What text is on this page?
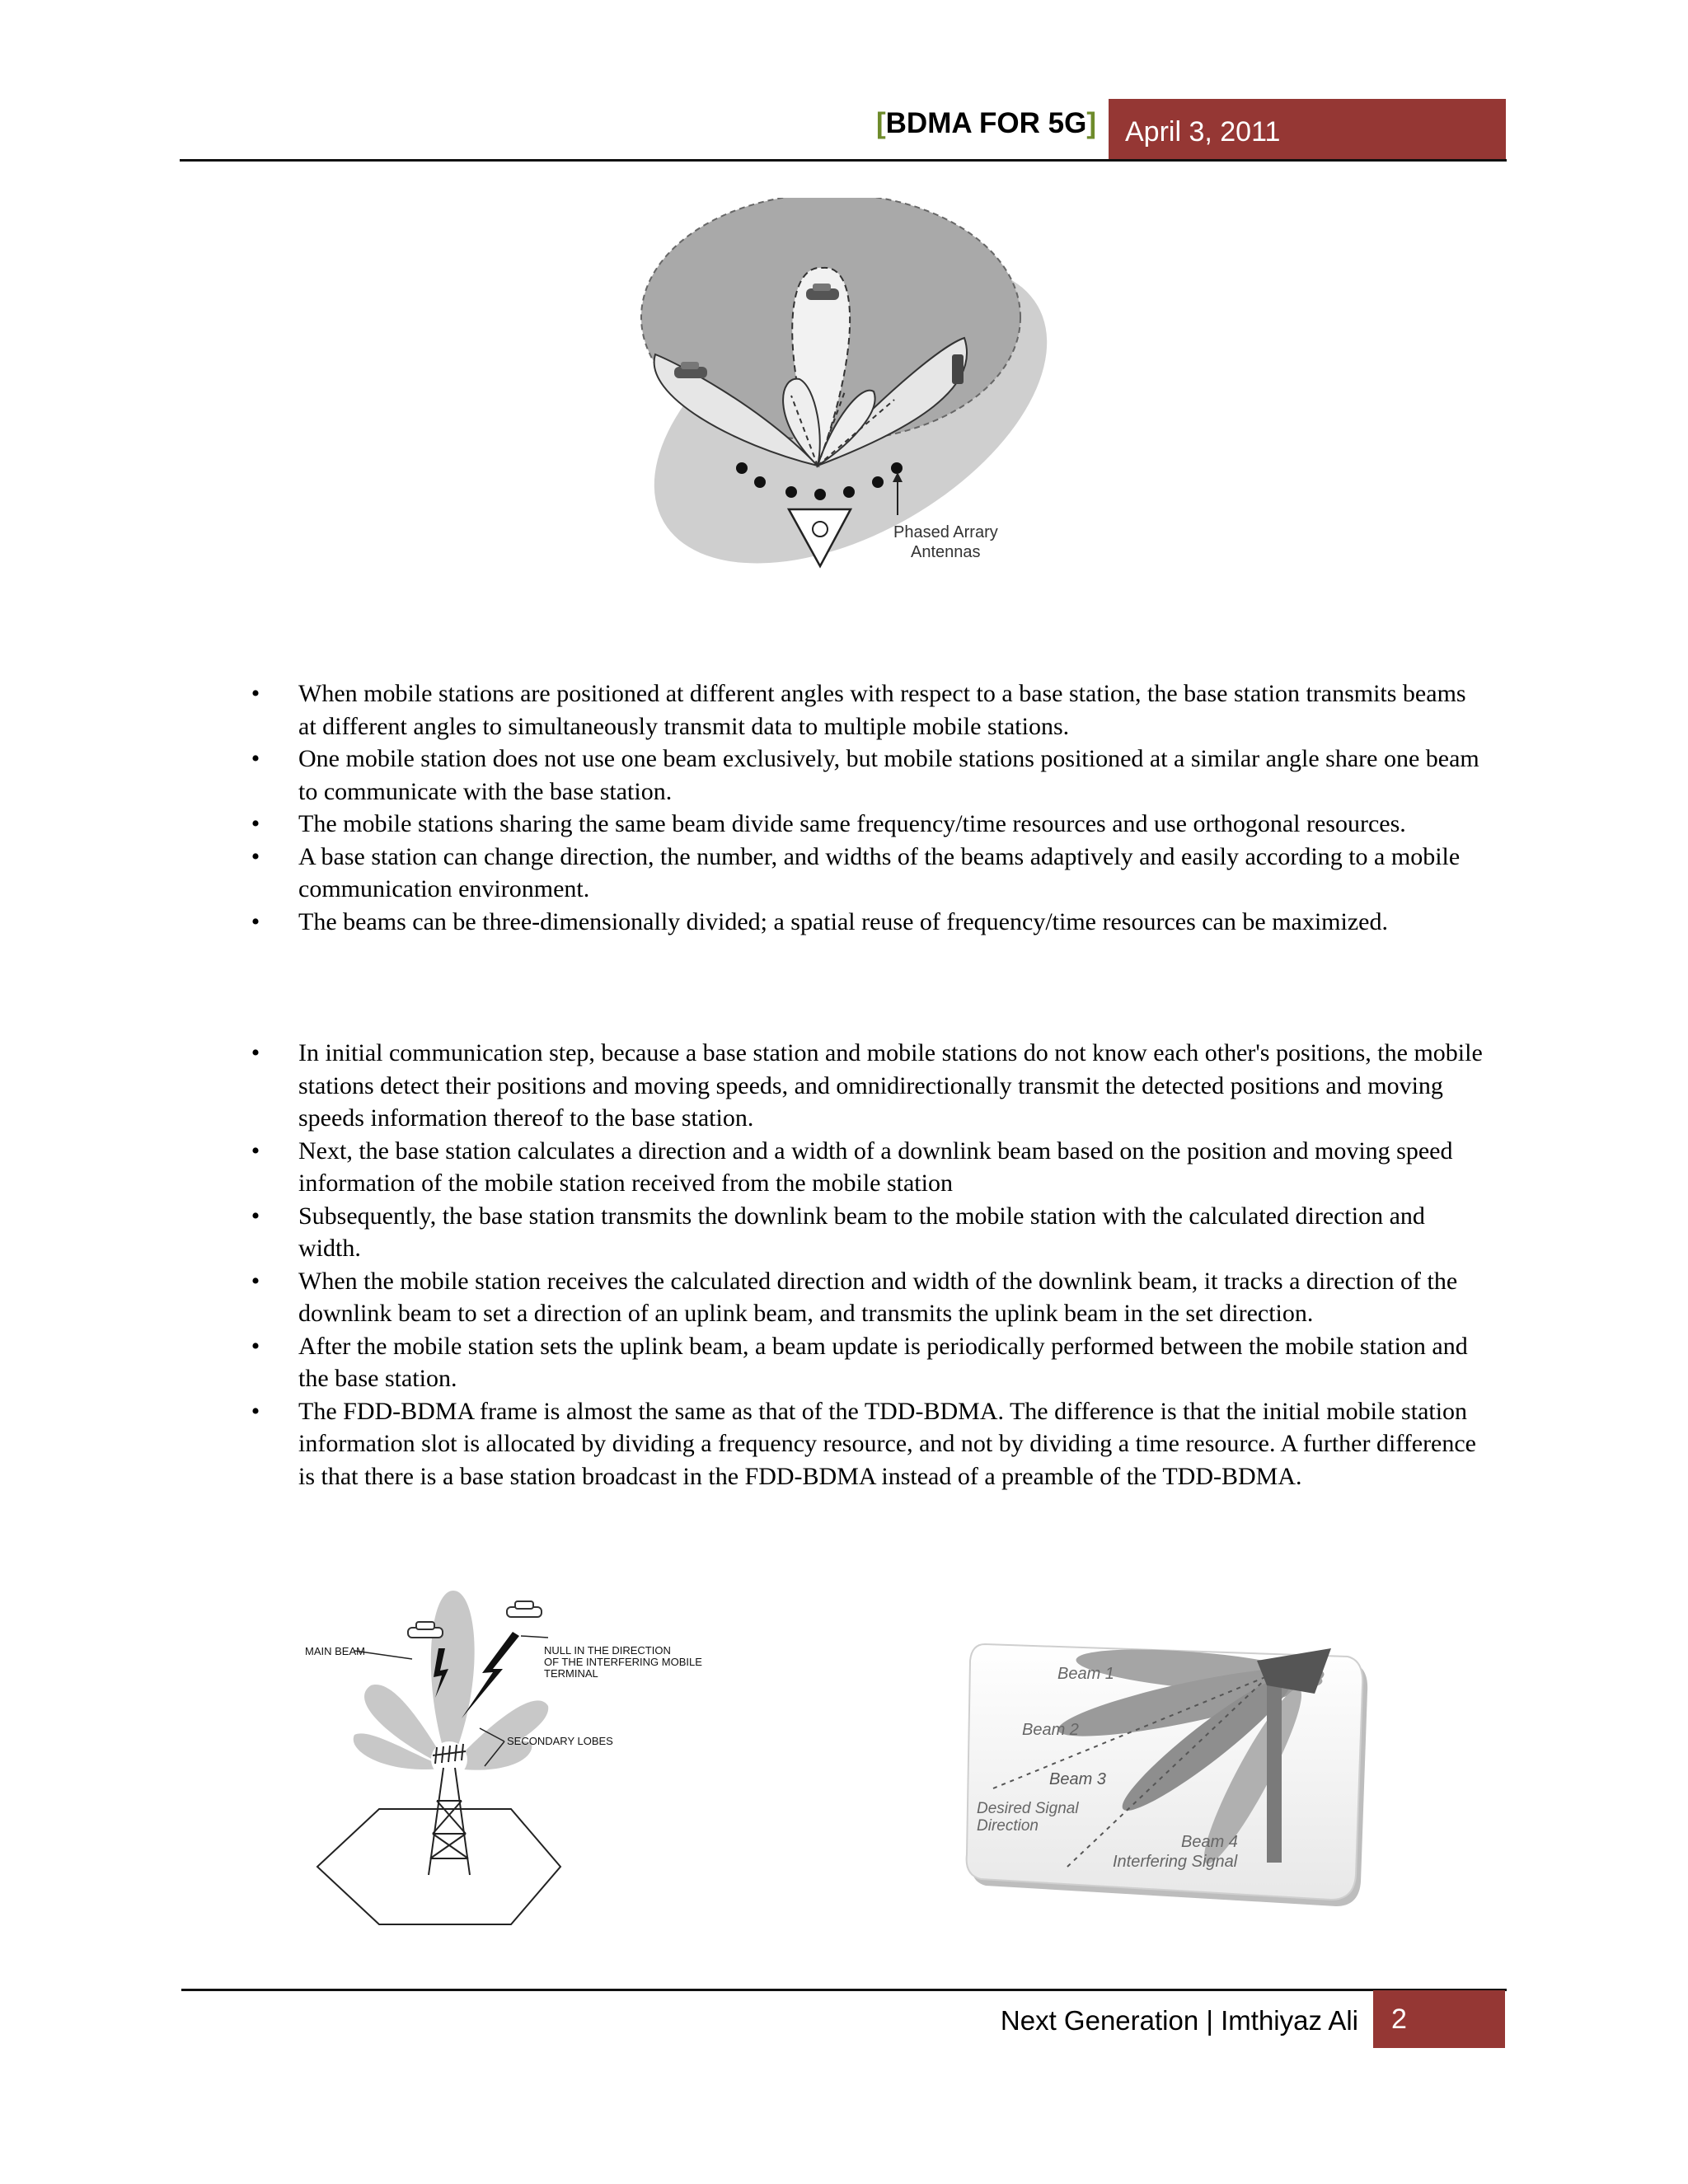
[BDMA FOR 5G]	April 3, 2011
Phased Arrary
Antennas
• When mobile stations are positioned at different angles with respect to a base station, the base station transmits beams at different angles to simultaneously transmit data to multiple mobile stations.
• One mobile station does not use one beam exclusively, but mobile stations positioned at a similar angle share one beam to communicate with the base station.
• The mobile stations sharing the same beam divide same frequency/time resources and use orthogonal resources.
• A base station can change direction, the number, and widths of the beams adaptively and easily according to a mobile communication environment.
• The beams can be three-dimensionally divided; a spatial reuse of frequency/time resources can be maximized.
• In initial communication step, because a base station and mobile stations do not know each other's positions, the mobile stations detect their positions and moving speeds, and omnidirectionally transmit the detected positions and moving speeds information thereof to the base station.
• Next, the base station calculates a direction and a width of a downlink beam based on the position and moving speed information of the mobile station received from the mobile station
• Subsequently, the base station transmits the downlink beam to the mobile station with the calculated direction and width.
• When the mobile station receives the calculated direction and width of the downlink beam, it tracks a direction of the downlink beam to set a direction of an uplink beam, and transmits the uplink beam in the set direction.
• After the mobile station sets the uplink beam, a beam update is periodically performed between the mobile station and the base station.
• The FDD-BDMA frame is almost the same as that of the TDD-BDMA. The difference is that the initial mobile station information slot is allocated by dividing a frequency resource, and not by dividing a time resource. A further difference is that there is a base station broadcast in the FDD-BDMA instead of a preamble of the TDD-BDMA.
MAIN BEAM	NULL IN THE DIRECTION
OF THE INTERFERING MOBILE
TERMINAL
SECONDARY LOBES
Beam 1
Beam 2
Beam 3
Desired Signal
Direction
Beam 4
Interfering Signal
Next Generation | Imthiyaz Ali	2
